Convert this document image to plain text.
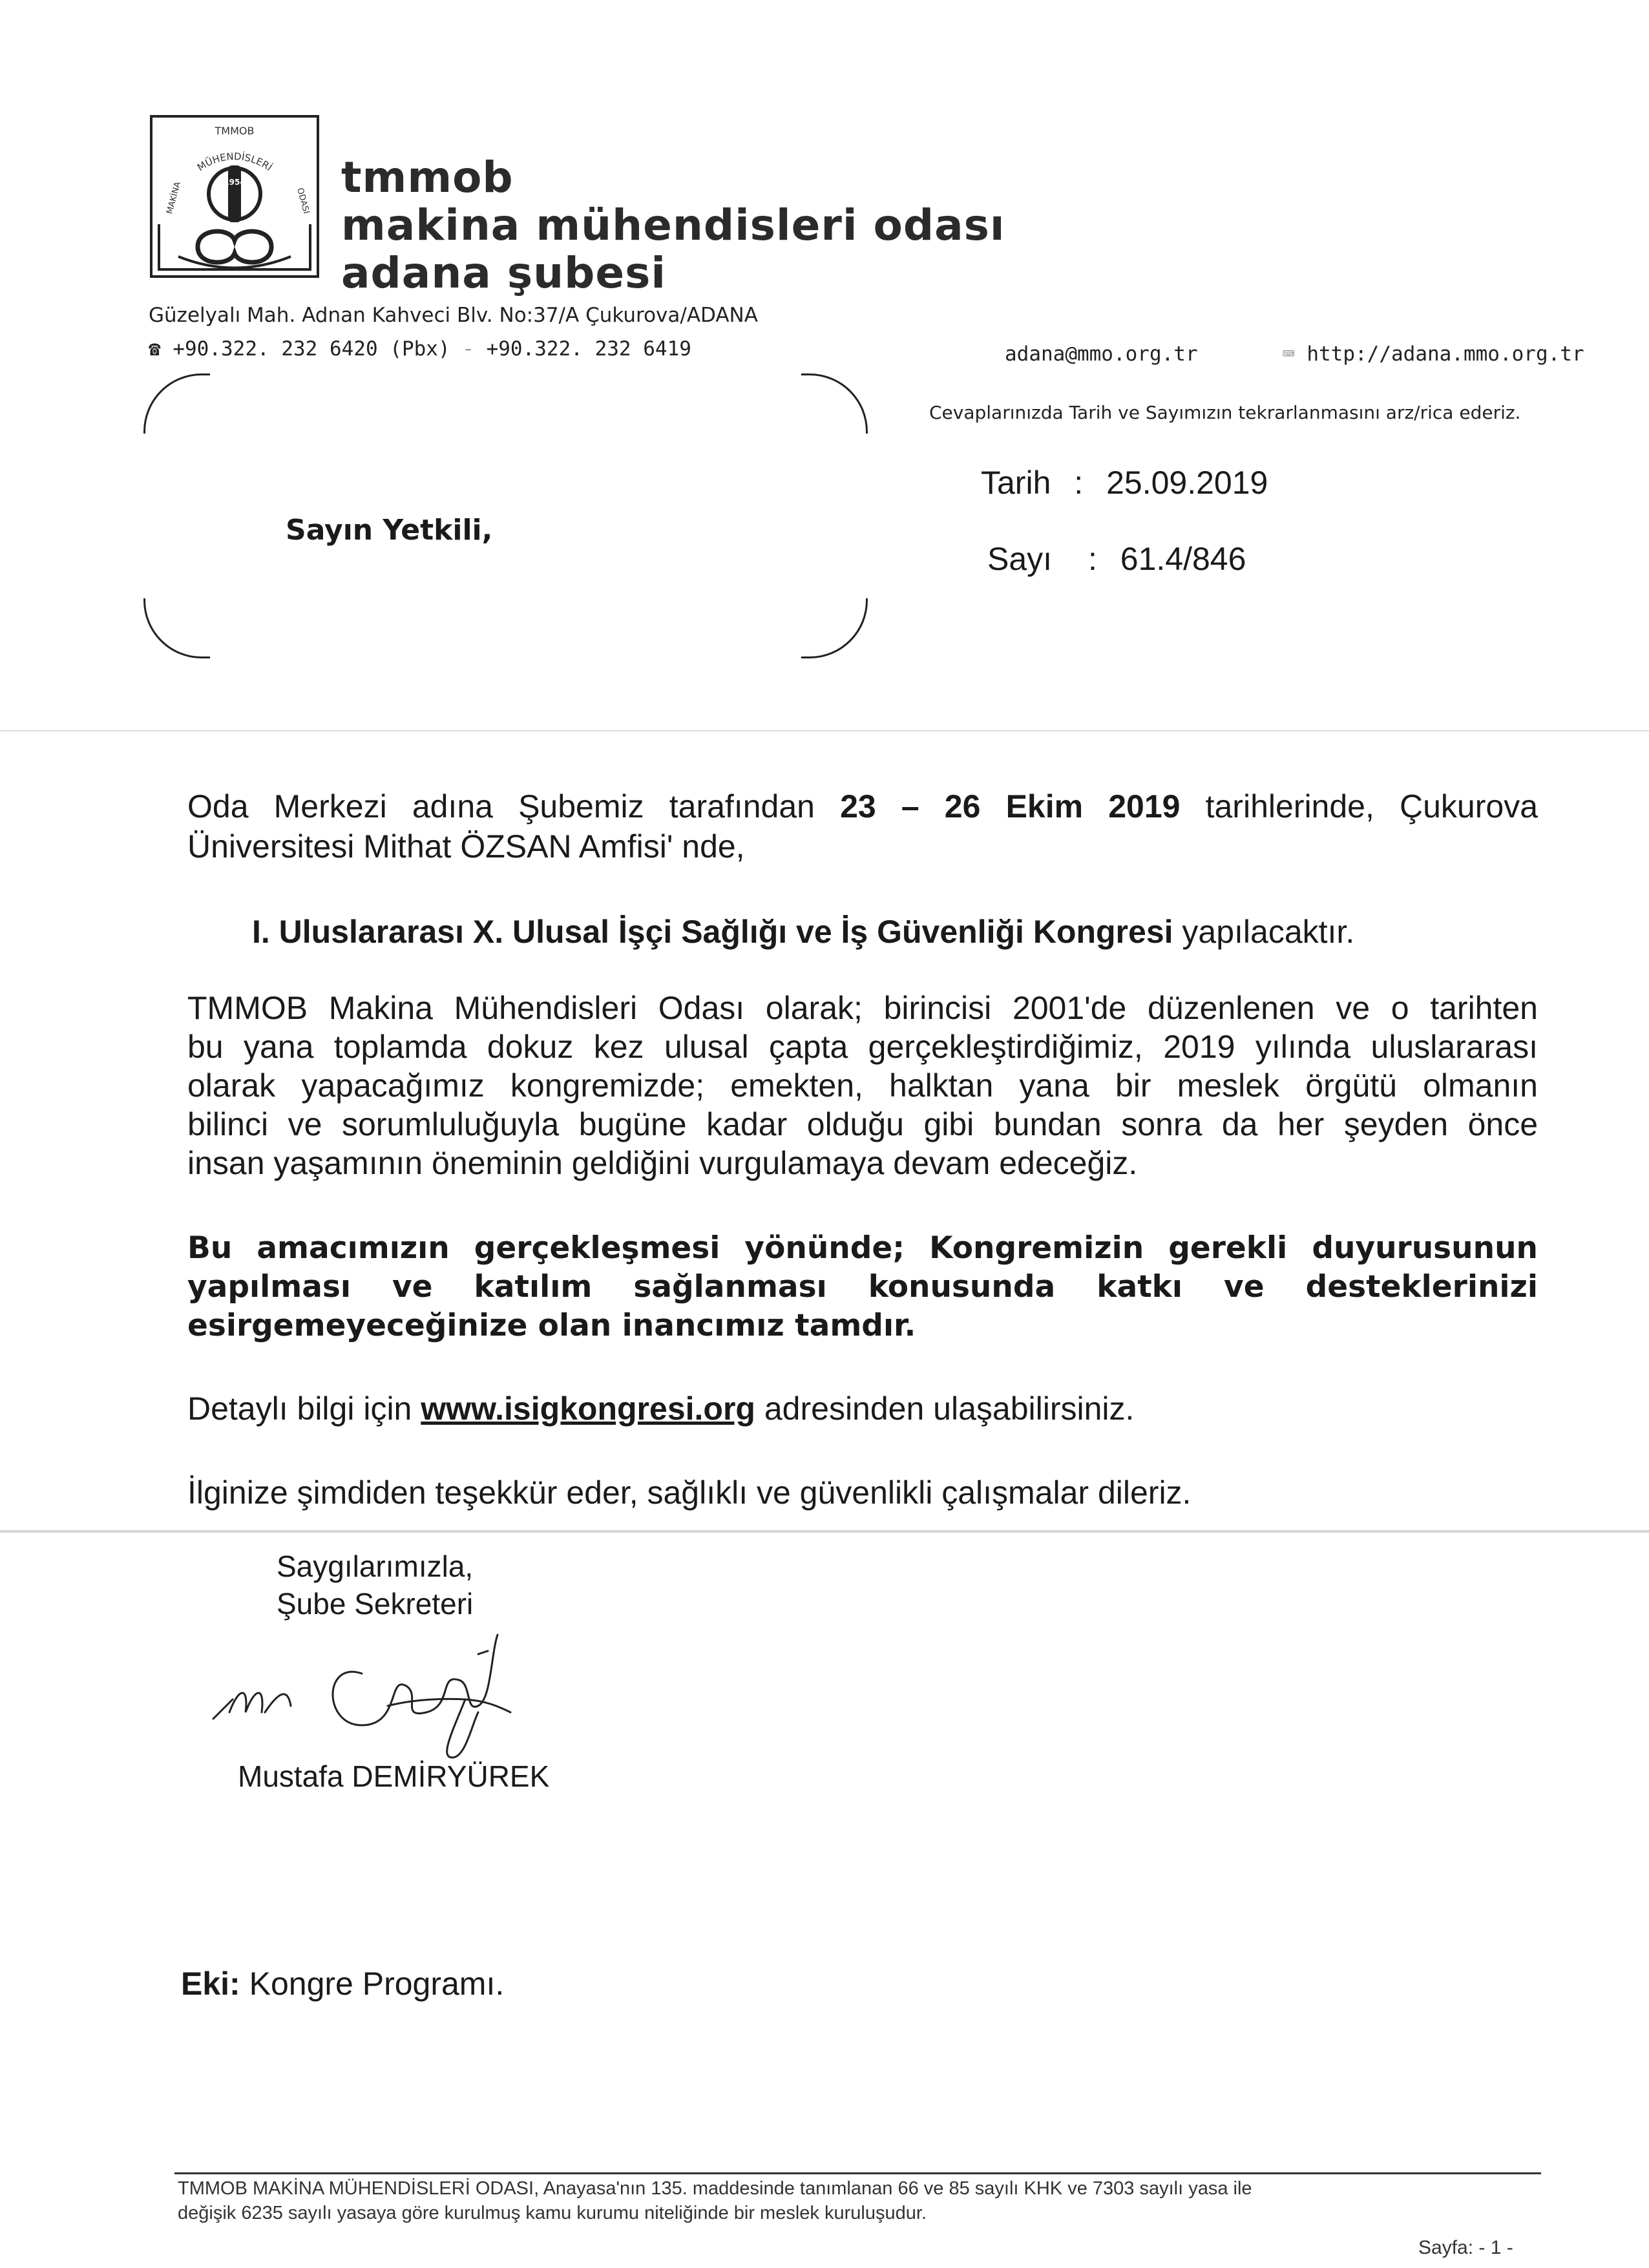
TMMOB
MÜHENDİSLERİ
MAKİNA	ODASI
1954 tmmob
makina mühendisleri odası
adana şubesi
Güzelyalı Mah. Adnan Kahveci Blv. No:37/A Çukurova/ADANA
☎ +90.322. 232 6420 (Pbx) - +90.322. 232 6419	adana@mmo.org.tr	⌨ http://adana.mmo.org.tr
Sayın Yetkili,
Cevaplarınızda Tarih ve Sayımızın tekrarlanmasını arz/rica ederiz.
Tarih : 25.09.2019
Sayı : 61.4/846
Oda Merkezi adına Şubemiz tarafından 23 – 26 Ekim 2019 tarihlerinde, Çukurova
Üniversitesi Mithat ÖZSAN Amfisi' nde,
I. Uluslararası X. Ulusal İşçi Sağlığı ve İş Güvenliği Kongresi yapılacaktır.
TMMOB Makina Mühendisleri Odası olarak; birincisi 2001'de düzenlenen ve o tarihten
bu yana toplamda dokuz kez ulusal çapta gerçekleştirdiğimiz, 2019 yılında uluslararası
olarak yapacağımız kongremizde; emekten, halktan yana bir meslek örgütü olmanın
bilinci ve sorumluluğuyla bugüne kadar olduğu gibi bundan sonra da her şeyden önce
insan yaşamının öneminin geldiğini vurgulamaya devam edeceğiz.
Bu amacımızın gerçekleşmesi yönünde; Kongremizin gerekli duyurusunun
yapılması ve katılım sağlanması konusunda katkı ve desteklerinizi
esirgemeyeceğinize olan inancımız tamdır.
Detaylı bilgi için www.isigkongresi.org adresinden ulaşabilirsiniz.
İlginize şimdiden teşekkür eder, sağlıklı ve güvenlikli çalışmalar dileriz.
Saygılarımızla,
Şube Sekreteri
Mustafa DEMİRYÜREK
Eki: Kongre Programı.
TMMOB MAKİNA MÜHENDİSLERİ ODASI, Anayasa'nın 135. maddesinde tanımlanan 66 ve 85 sayılı KHK ve 7303 sayılı yasa ile
değişik 6235 sayılı yasaya göre kurulmuş kamu kurumu niteliğinde bir meslek kuruluşudur.
Sayfa: - 1 -
